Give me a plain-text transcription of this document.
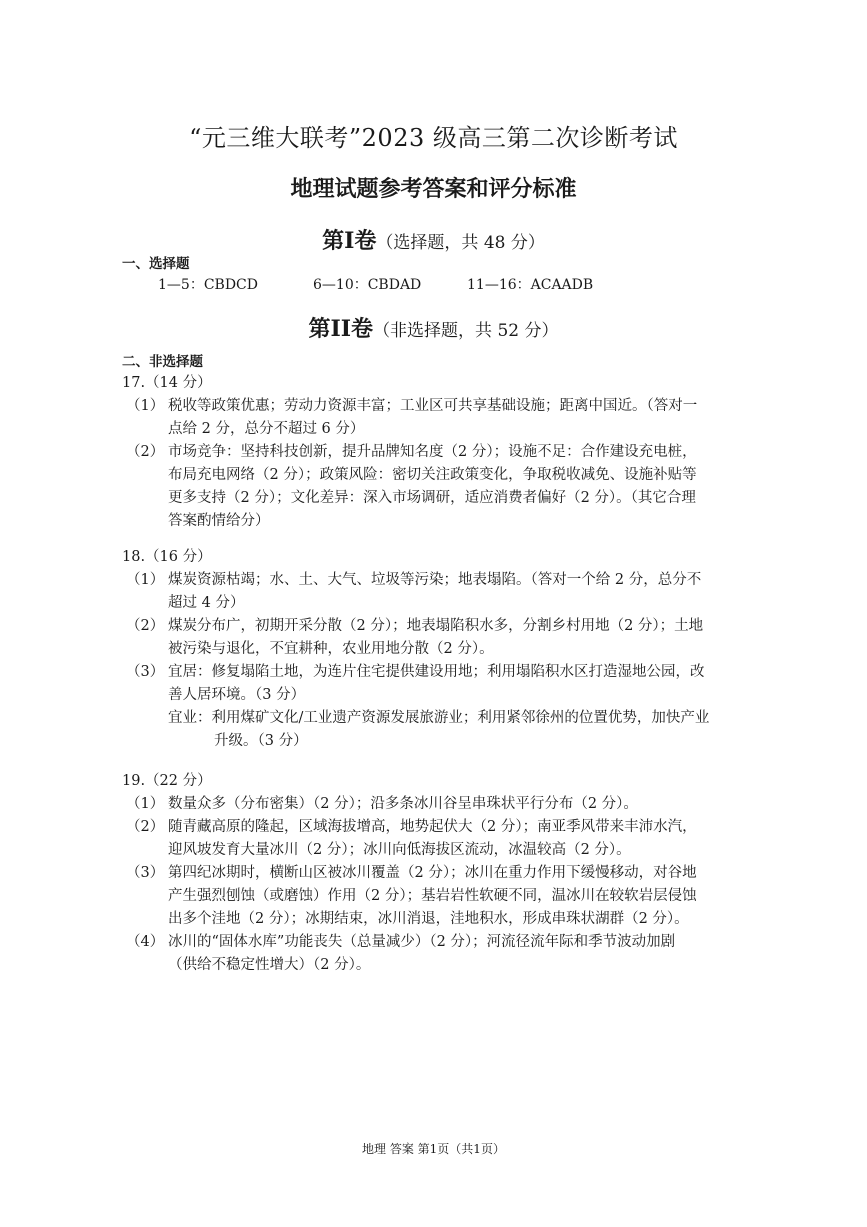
“元三维大联考”2023 级高三第二次诊断考试
地理试题参考答案和评分标准
第I卷（选择题，共 48 分）
一、选择题
1—5：CBDCD	6—10：CBDAD	11—16：ACAADB
第II卷（非选择题，共 52 分）
二、非选择题

17.（14 分）

（1） 税收等政策优惠；劳动力资源丰富；工业区可共享基础设施；距离中国近。（答对一
点给 2 分，总分不超过 6 分）
（2） 市场竞争：坚持科技创新，提升品牌知名度（2 分）；设施不足：合作建设充电桩，
布局充电网络（2 分）；政策风险：密切关注政策变化，争取税收减免、设施补贴等
更多支持（2 分）；文化差异：深入市场调研，适应消费者偏好（2 分）。（其它合理
答案酌情给分）

18.（16 分）

（1） 煤炭资源枯竭；水、土、大气、垃圾等污染；地表塌陷。（答对一个给 2 分，总分不
超过 4 分）
（2） 煤炭分布广，初期开采分散（2 分）；地表塌陷积水多，分割乡村用地（2 分）；土地
被污染与退化，不宜耕种，农业用地分散（2 分）。
（3） 宜居：修复塌陷土地，为连片住宅提供建设用地；利用塌陷积水区打造湿地公园，改
善人居环境。（3 分）
宜业：利用煤矿文化/工业遗产资源发展旅游业；利用紧邻徐州的位置优势，加快产业
升级。（3 分）

19.（22 分）

（1） 数量众多（分布密集）（2 分）；沿多条冰川谷呈串珠状平行分布（2 分）。
（2） 随青藏高原的隆起，区域海拔增高，地势起伏大（2 分）；南亚季风带来丰沛水汽，
迎风坡发育大量冰川（2 分）；冰川向低海拔区流动，冰温较高（2 分）。
（3） 第四纪冰期时，横断山区被冰川覆盖（2 分）；冰川在重力作用下缓慢移动，对谷地
产生强烈刨蚀（或磨蚀）作用（2 分）；基岩岩性软硬不同，温冰川在较软岩层侵蚀
出多个洼地（2 分）；冰期结束，冰川消退，洼地积水，形成串珠状湖群（2 分）。
（4） 冰川的“固体水库”功能丧失（总量减少）（2 分）；河流径流年际和季节波动加剧
（供给不稳定性增大）（2 分）。
地理 答案 第1页（共1页）
